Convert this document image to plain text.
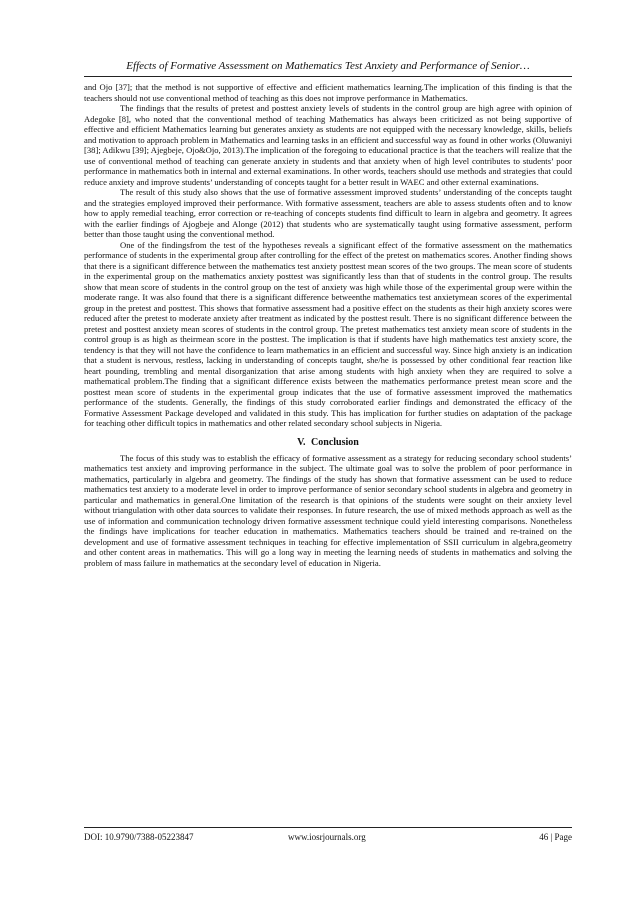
Effects of Formative Assessment on Mathematics Test Anxiety and Performance of Senior…

and Ojo [37]; that the method is not supportive of effective and efficient mathematics learning.The implication of this finding is that the teachers should not use conventional method of teaching as this does not improve performance in Mathematics.

The findings that the results of pretest and posttest anxiety levels of students in the control group are high agree with opinion of Adegoke [8], who noted that the conventional method of teaching Mathematics has always been criticized as not being supportive of effective and efficient Mathematics learning but generates anxiety as students are not equipped with the necessary knowledge, skills, beliefs and motivation to approach problem in Mathematics and learning tasks in an efficient and successful way as found in other works (Oluwaniyi [38]; Adikwu [39]; Ajegbeje, Ojo&Ojo, 2013).The implication of the foregoing to educational practice is that the teachers will realize that the use of conventional method of teaching can generate anxiety in students and that anxiety when of high level contributes to students’ poor performance in mathematics both in internal and external examinations. In other words, teachers should use methods and strategies that could reduce anxiety and improve students’ understanding of concepts taught for a better result in WAEC and other external examinations.

The result of this study also shows that the use of formative assessment improved students’ understanding of the concepts taught and the strategies employed improved their performance. With formative assessment, teachers are able to assess students often and to know how to apply remedial teaching, error correction or re-teaching of concepts students find difficult to learn in algebra and geometry. It agrees with the earlier findings of Ajogbeje and Alonge (2012) that students who are systematically taught using formative assessment, perform better than those taught using the conventional method.

One of the findingsfrom the test of the hypotheses reveals a significant effect of the formative assessment on the mathematics performance of students in the experimental group after controlling for the effect of the pretest on mathematics scores. Another finding shows that there is a significant difference between the mathematics test anxiety posttest mean scores of the two groups. The mean score of students in the experimental group on the mathematics anxiety posttest was significantly less than that of students in the control group. The results show that mean score of students in the control group on the test of anxiety was high while those of the experimental group were within the moderate range. It was also found that there is a significant difference betweenthe mathematics test anxietymean scores of the experimental group in the pretest and posttest. This shows that formative assessment had a positive effect on the students as their high anxiety scores were reduced after the pretest to moderate anxiety after treatment as indicated by the posttest result. There is no significant difference between the pretest and posttest anxiety mean scores of students in the control group. The pretest mathematics test anxiety mean score of students in the control group is as high as theirmean score in the posttest. The implication is that if students have high mathematics test anxiety score, the tendency is that they will not have the confidence to learn mathematics in an efficient and successful way. Since high anxiety is an indication that a student is nervous, restless, lacking in understanding of concepts taught, she/he is possessed by other conditional fear reaction like heart pounding, trembling and mental disorganization that arise among students with high anxiety when they are required to solve a mathematical problem.The finding that a significant difference exists between the mathematics performance pretest mean score and the posttest mean score of students in the experimental group indicates that the use of formative assessment improved the mathematics performance of the students. Generally, the findings of this study corroborated earlier findings and demonstrated the efficacy of the Formative Assessment Package developed and validated in this study. This has implication for further studies on adaptation of the package for teaching other difficult topics in mathematics and other related secondary school subjects in Nigeria.

V. Conclusion

The focus of this study was to establish the efficacy of formative assessment as a strategy for reducing secondary school students’ mathematics test anxiety and improving performance in the subject. The ultimate goal was to solve the problem of poor performance in mathematics, particularly in algebra and geometry. The findings of the study has shown that formative assessment can be used to reduce mathematics test anxiety to a moderate level in order to improve performance of senior secondary school students in algebra and geometry in particular and mathematics in general.One limitation of the research is that opinions of the students were sought on their anxiety level without triangulation with other data sources to validate their responses. In future research, the use of mixed methods approach as well as the use of information and communication technology driven formative assessment technique could yield interesting comparisons. Nonetheless the findings have implications for teacher education in mathematics. Mathematics teachers should be trained and re-trained on the development and use of formative assessment techniques in teaching for effective implementation of SSII curriculum in algebra,geometry and other content areas in mathematics. This will go a long way in meeting the learning needs of students in mathematics and solving the problem of mass failure in mathematics at the secondary level of education in Nigeria.

DOI: 10.9790/7388-05223847	www.iosrjournals.org	46 | Page
